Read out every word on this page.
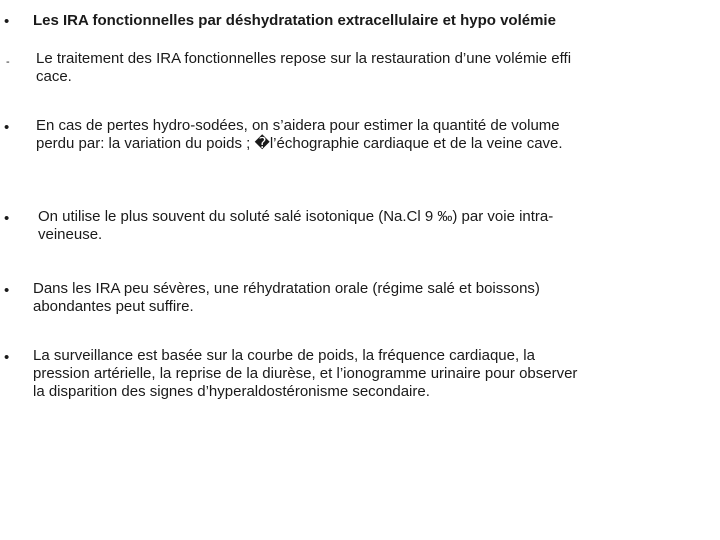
• Les IRA fonctionnelles par déshydratation extracellulaire et hypo volémie
- Le traitement des IRA fonctionnelles repose sur la restauration d’une volémie effi
cace.
• En cas de pertes hydro-sodées, on s’aidera pour estimer la quantité de volume
perdu par: la variation du poids ; �l’échographie cardiaque et de la veine cave.
• On utilise le plus souvent du soluté salé isotonique (Na.Cl 9 ‰) par voie intra-
veineuse.
• Dans les IRA peu sévères, une réhydratation orale (régime salé et boissons)
abondantes peut suffire.
• La surveillance est basée sur la courbe de poids, la fréquence cardiaque, la
pression artérielle, la reprise de la diurèse, et l’ionogramme urinaire pour observer
la disparition des signes d’hyperaldostéronisme secondaire.
